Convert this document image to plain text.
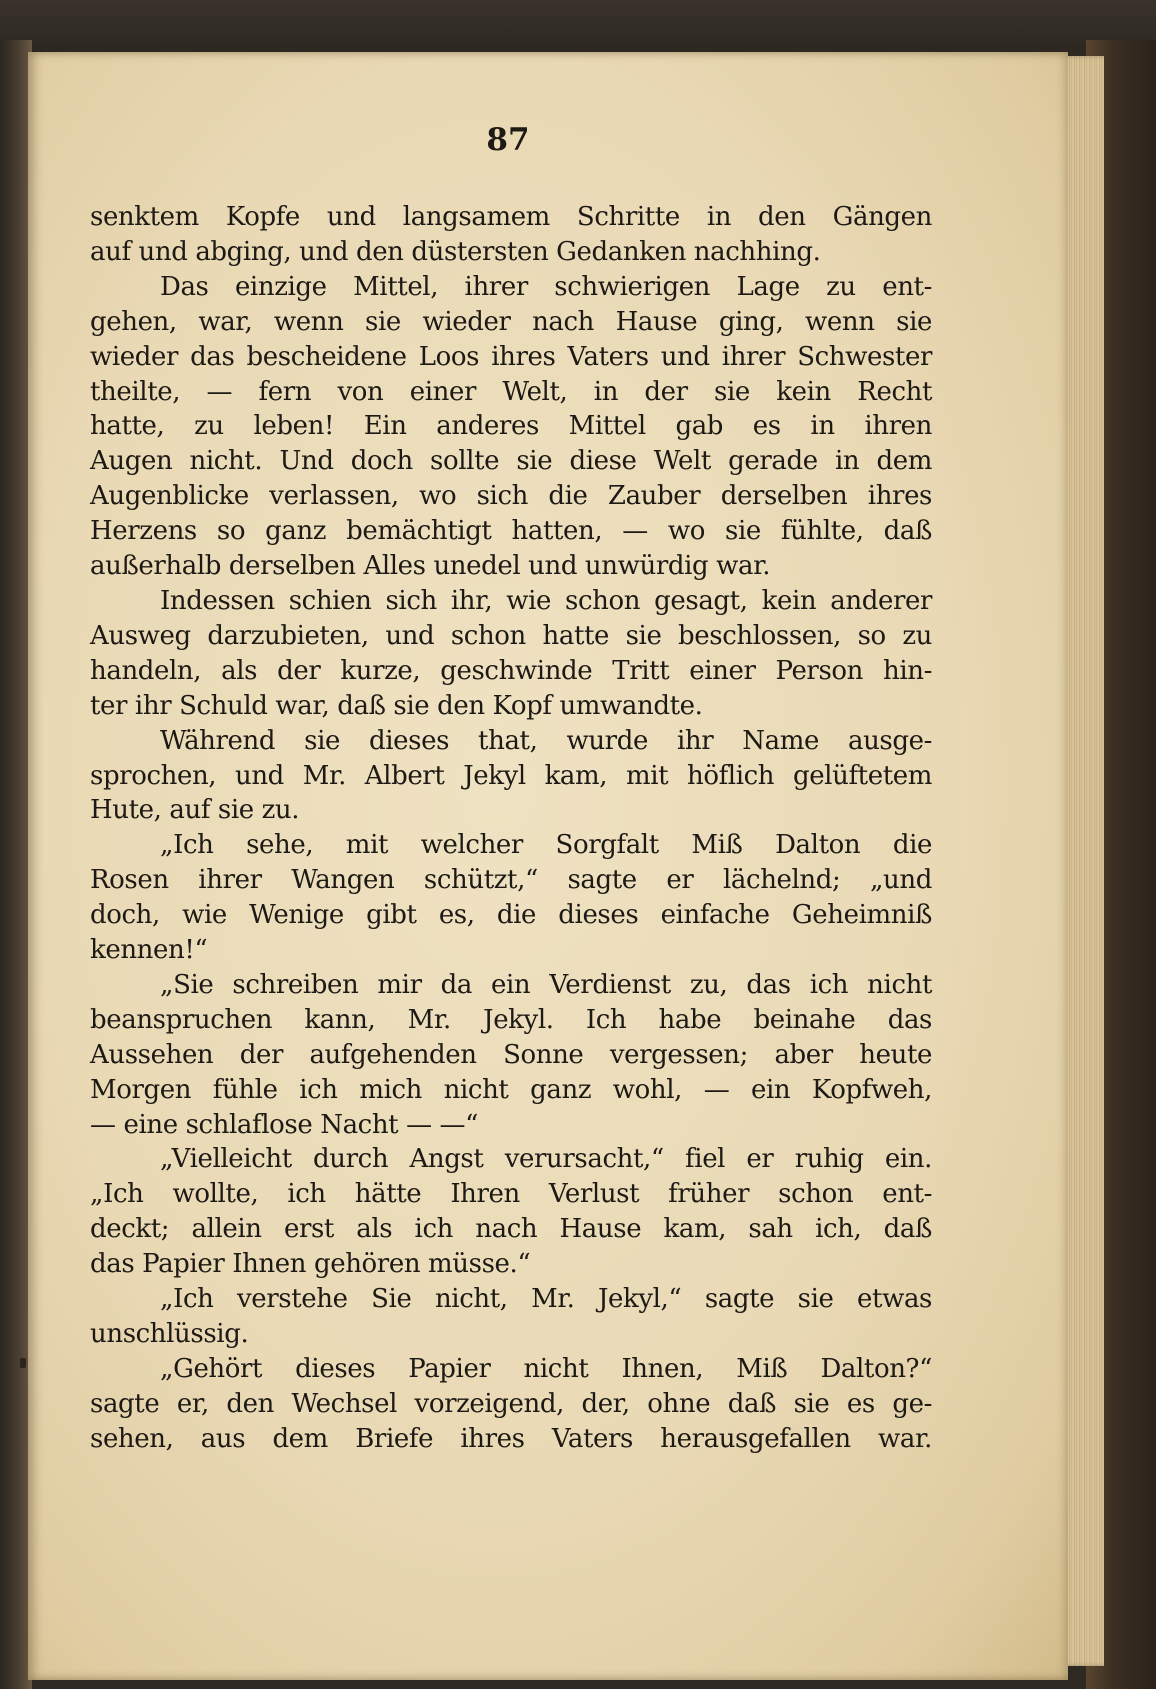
87
senktem Kopfe und langsamem Schritte in den Gängen
auf und abging, und den düstersten Gedanken nachhing.
Das einzige Mittel, ihrer schwierigen Lage zu ent-
gehen, war, wenn sie wieder nach Hause ging, wenn sie
wieder das bescheidene Loos ihres Vaters und ihrer Schwester
theilte, — fern von einer Welt, in der sie kein Recht
hatte, zu leben! Ein anderes Mittel gab es in ihren
Augen nicht. Und doch sollte sie diese Welt gerade in dem
Augenblicke verlassen, wo sich die Zauber derselben ihres
Herzens so ganz bemächtigt hatten, — wo sie fühlte, daß
außerhalb derselben Alles unedel und unwürdig war.
Indessen schien sich ihr, wie schon gesagt, kein anderer
Ausweg darzubieten, und schon hatte sie beschlossen, so zu
handeln, als der kurze, geschwinde Tritt einer Person hin-
ter ihr Schuld war, daß sie den Kopf umwandte.
Während sie dieses that, wurde ihr Name ausge-
sprochen, und Mr. Albert Jekyl kam, mit höflich gelüftetem
Hute, auf sie zu.
„Ich sehe, mit welcher Sorgfalt Miß Dalton die
Rosen ihrer Wangen schützt,“ sagte er lächelnd; „und
doch, wie Wenige gibt es, die dieses einfache Geheimniß
kennen!“
„Sie schreiben mir da ein Verdienst zu, das ich nicht
beanspruchen kann, Mr. Jekyl. Ich habe beinahe das
Aussehen der aufgehenden Sonne vergessen; aber heute
Morgen fühle ich mich nicht ganz wohl, — ein Kopfweh,
— eine schlaflose Nacht — —“
„Vielleicht durch Angst verursacht,“ fiel er ruhig ein.
„Ich wollte, ich hätte Ihren Verlust früher schon ent-
deckt; allein erst als ich nach Hause kam, sah ich, daß
das Papier Ihnen gehören müsse.“
„Ich verstehe Sie nicht, Mr. Jekyl,“ sagte sie etwas
unschlüssig.
„Gehört dieses Papier nicht Ihnen, Miß Dalton?“
sagte er, den Wechsel vorzeigend, der, ohne daß sie es ge-
sehen, aus dem Briefe ihres Vaters herausgefallen war.
